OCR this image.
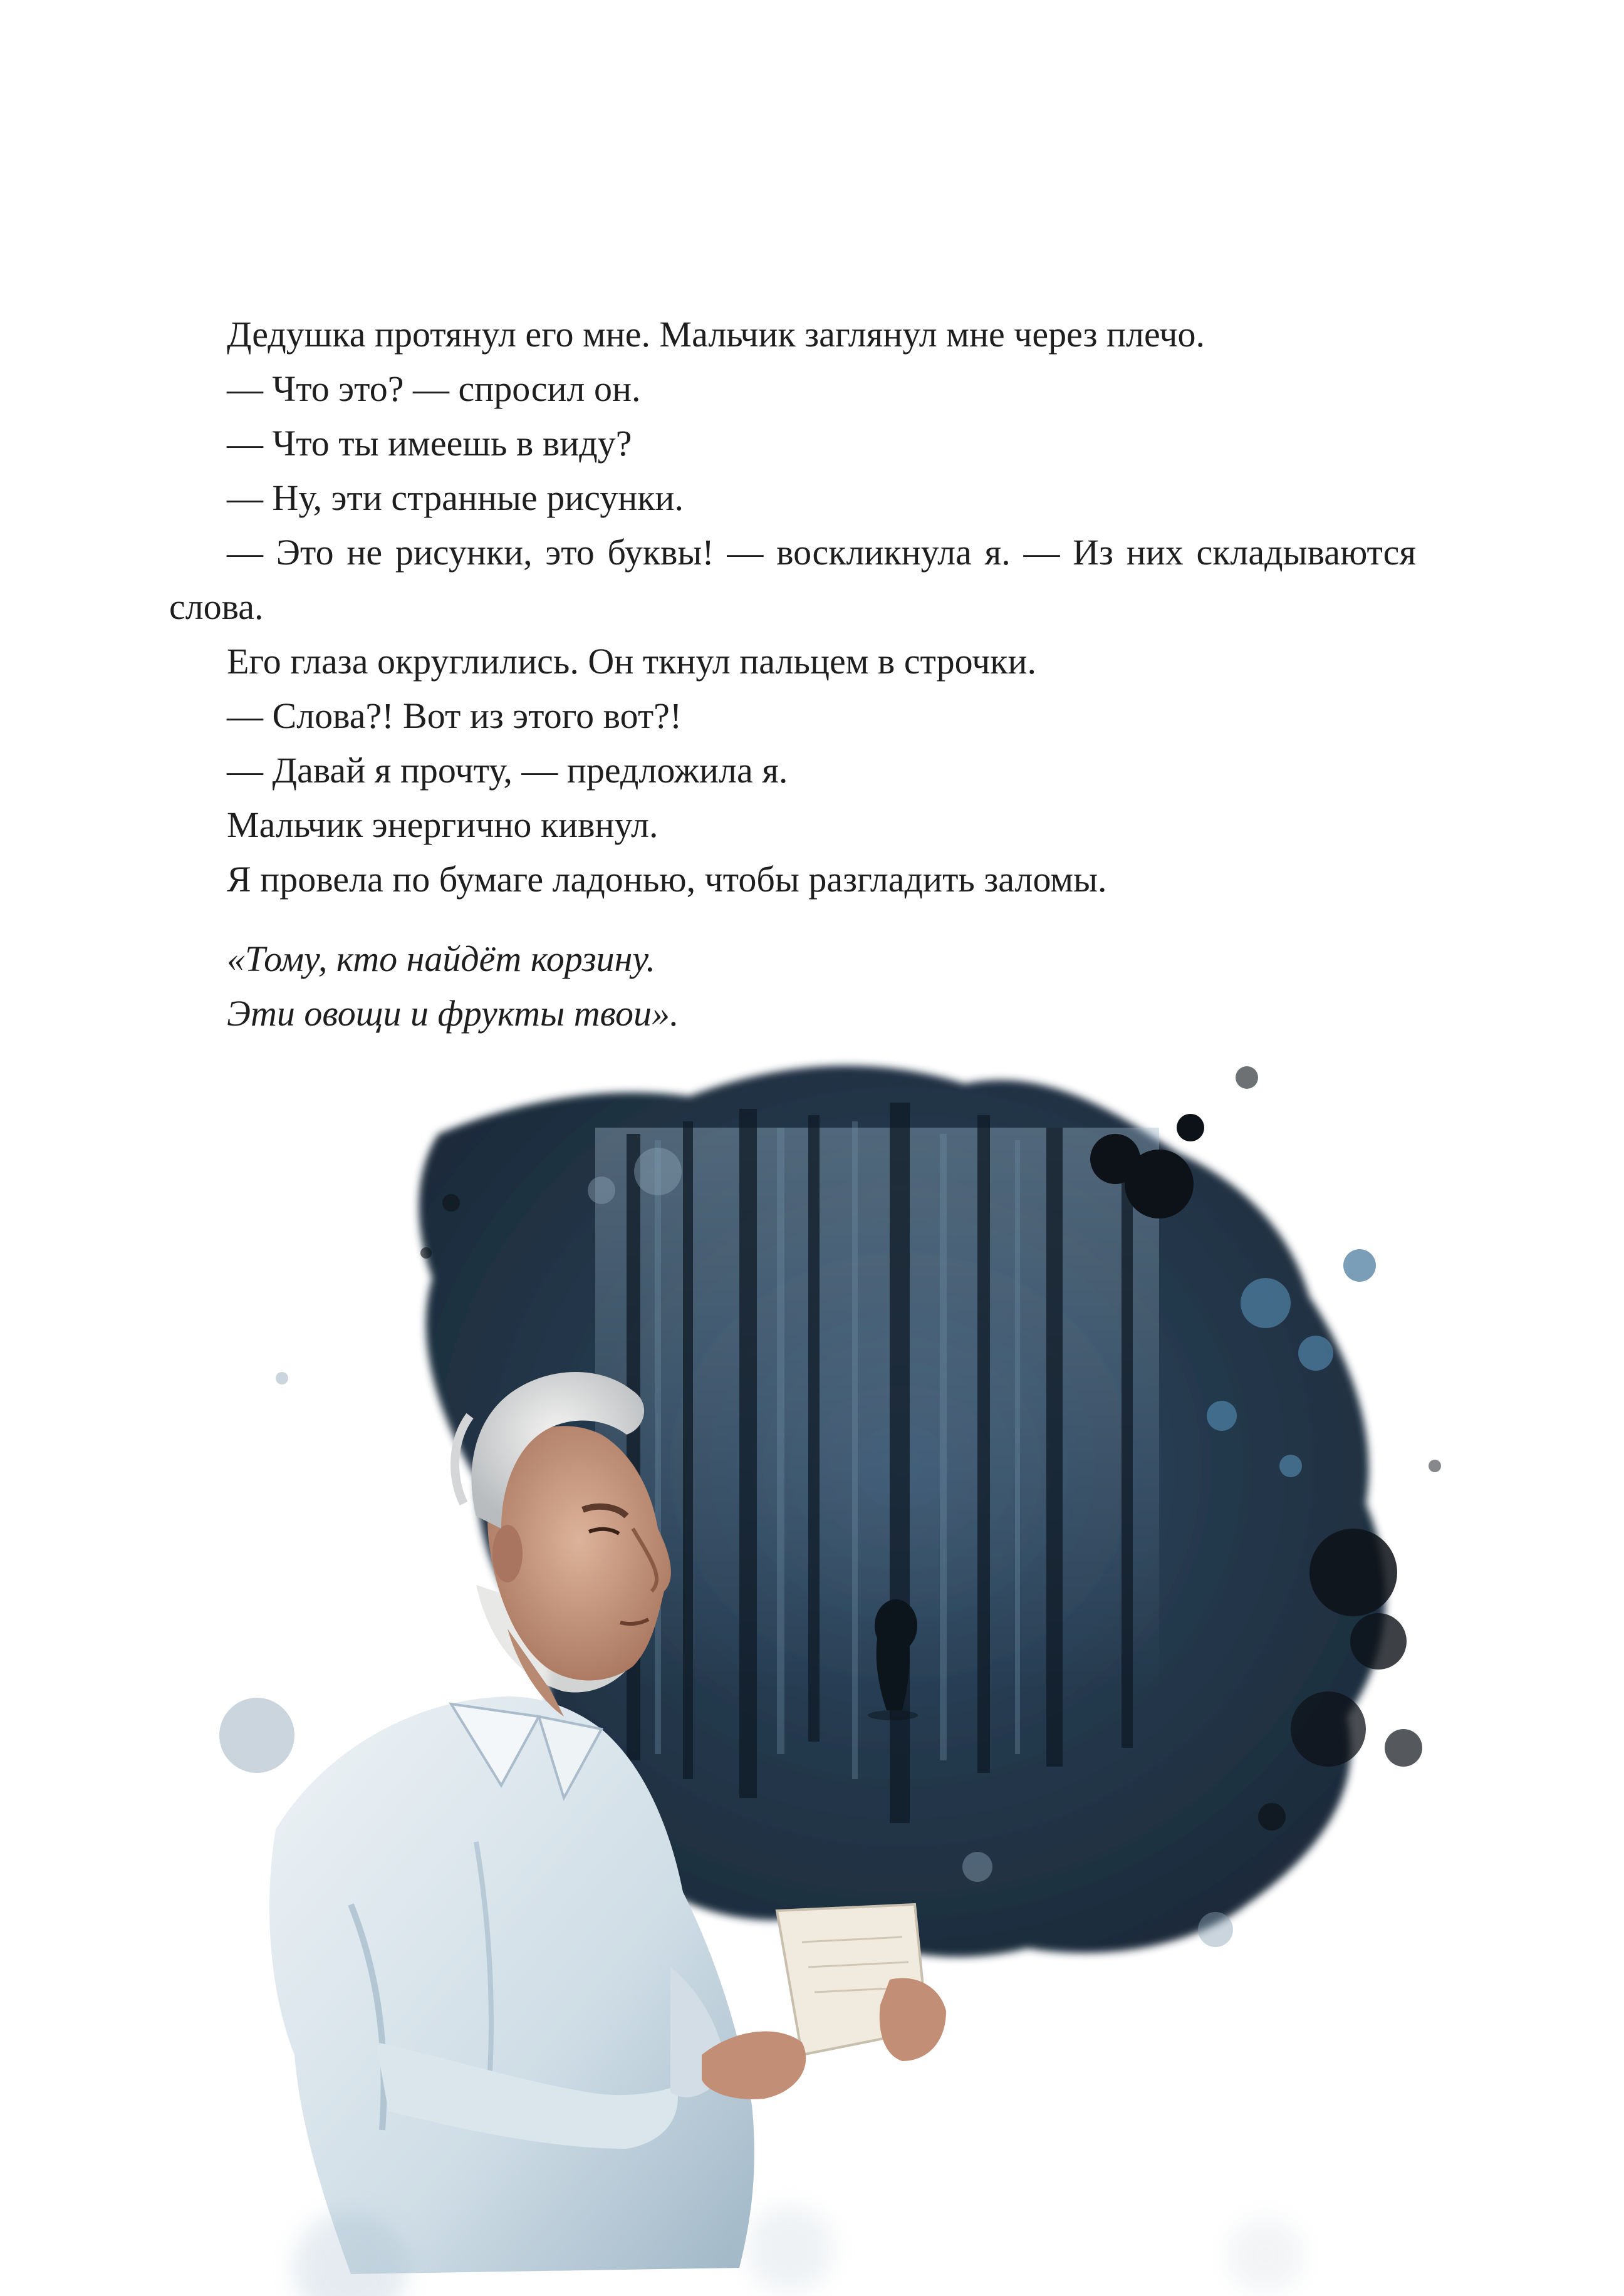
Дедушка протянул его мне. Мальчик заглянул мне через плечо.

— Что это? — спросил он.

— Что ты имеешь в виду?

— Ну, эти странные рисунки.

— Это не рисунки, это буквы! — воскликнула я. — Из них складываются слова.

Его глаза округлились. Он ткнул пальцем в строчки.

— Слова?! Вот из этого вот?!

— Давай я прочту, — предложила я.

Мальчик энергично кивнул.

Я провела по бумаге ладонью, чтобы разгладить заломы.

«Тому, кто найдёт корзину.

Эти овощи и фрукты твои».
